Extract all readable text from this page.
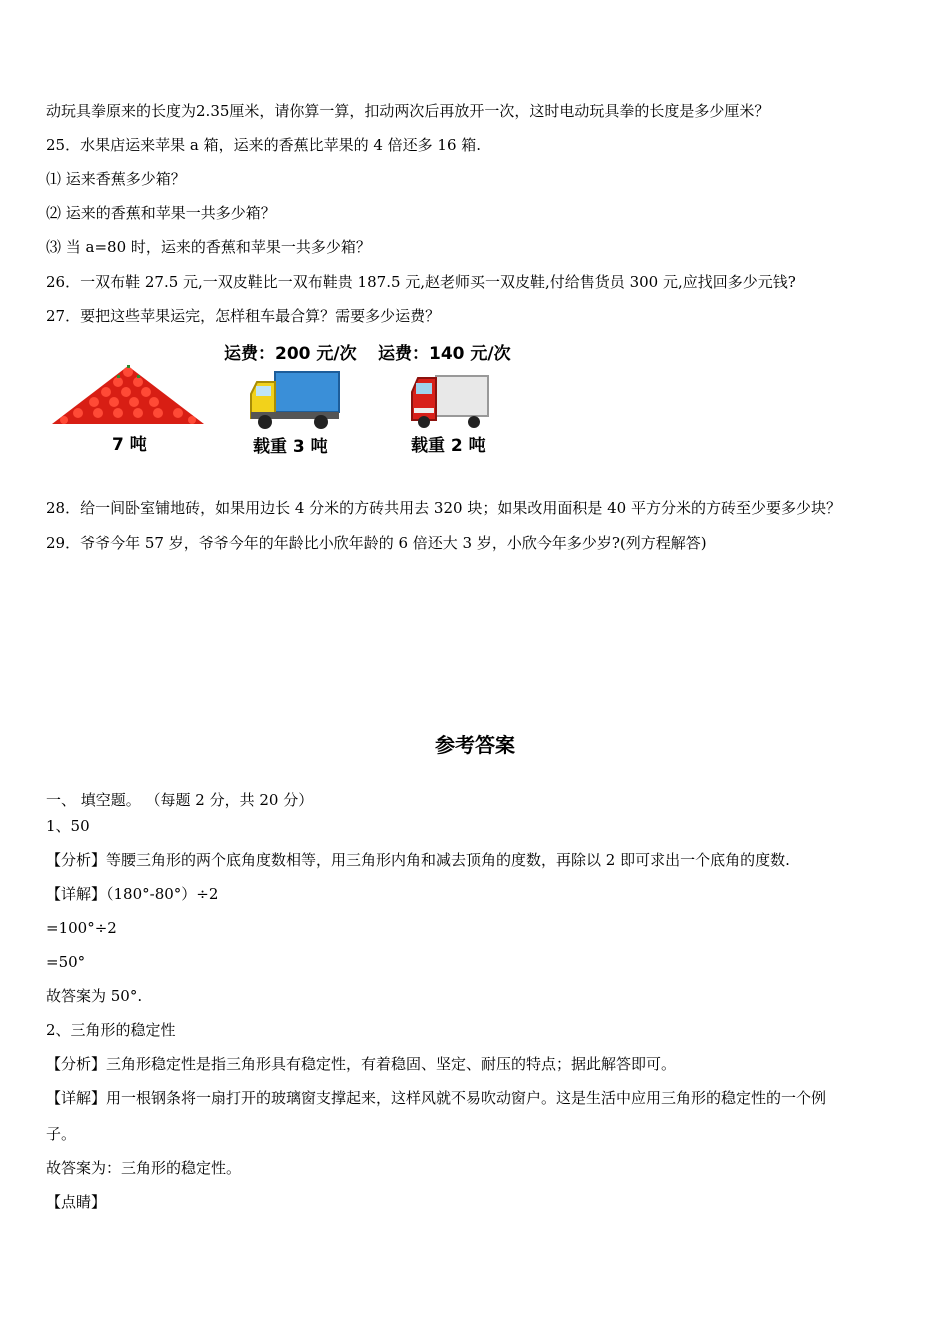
动玩具拳原来的长度为2.35厘米，请你算一算，扣动两次后再放开一次，这时电动玩具拳的长度是多少厘米？
25．水果店运来苹果 a 箱，运来的香蕉比苹果的 4 倍还多 16 箱.
⑴ 运来香蕉多少箱？
⑵ 运来的香蕉和苹果一共多少箱？
⑶ 当 a=80 时，运来的香蕉和苹果一共多少箱？
26．一双布鞋 27.5 元,一双皮鞋比一双布鞋贵 187.5 元,赵老师买一双皮鞋,付给售货员 300 元,应找回多少元钱?
27．要把这些苹果运完，怎样租车最合算？需要多少运费？
运费：200 元/次 运费：140 元/次
7 吨	载重 3 吨	载重 2 吨
28．给一间卧室铺地砖，如果用边长 4 分米的方砖共用去 320 块；如果改用面积是 40 平方分米的方砖至少要多少块？
29．爷爷今年 57 岁，爷爷今年的年龄比小欣年龄的 6 倍还大 3 岁，小欣今年多少岁?(列方程解答)
参考答案
一、 填空题。 （每题 2 分，共 20 分）
1、50
【分析】等腰三角形的两个底角度数相等，用三角形内角和减去顶角的度数，再除以 2 即可求出一个底角的度数.
【详解】（180°-80°）÷2
=100°÷2
=50°
故答案为 50°.
2、三角形的稳定性
【分析】三角形稳定性是指三角形具有稳定性，有着稳固、坚定、耐压的特点；据此解答即可。
【详解】用一根钢条将一扇打开的玻璃窗支撑起来，这样风就不易吹动窗户。这是生活中应用三角形的稳定性的一个例
子。
故答案为：三角形的稳定性。
【点睛】
